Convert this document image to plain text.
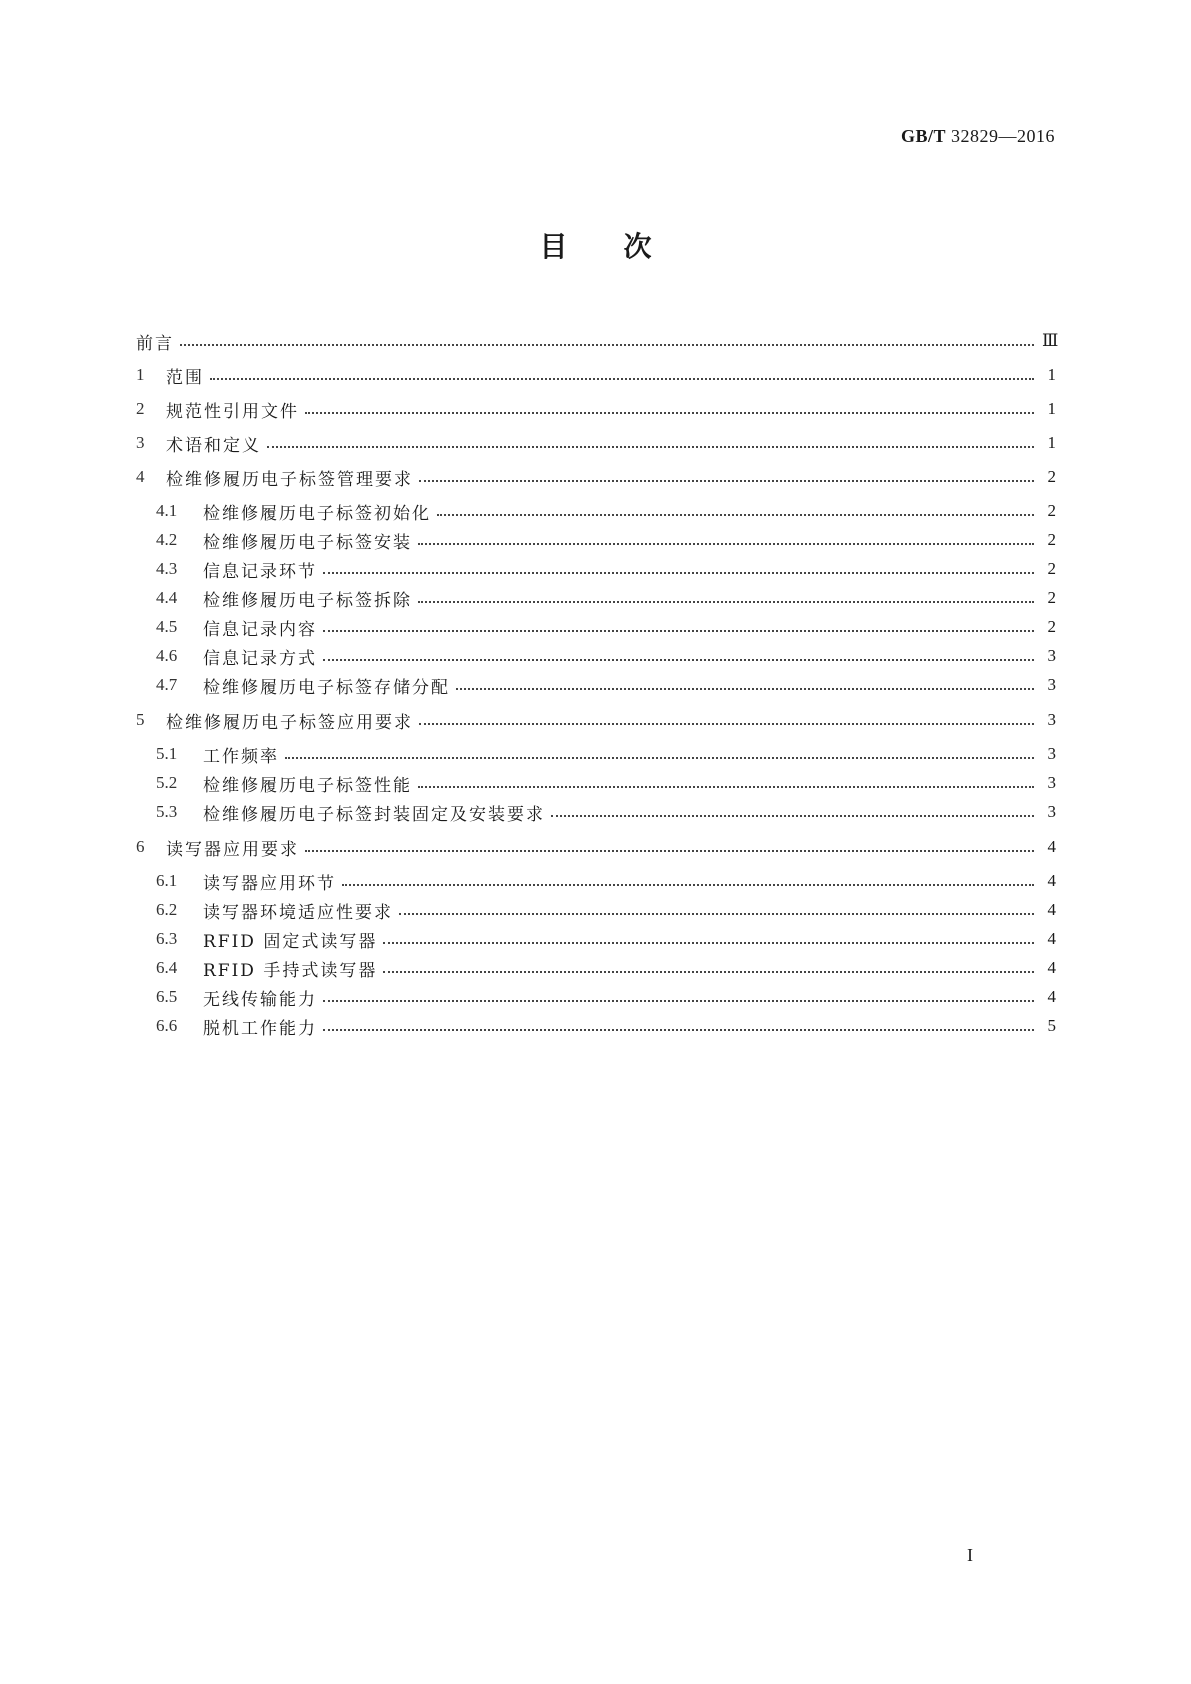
GB/T 32829—2016
目次
前言	Ⅲ
1	范围	1
2	规范性引用文件	1
3	术语和定义	1
4	检维修履历电子标签管理要求	2
4.1	检维修履历电子标签初始化	2
4.2	检维修履历电子标签安装	2
4.3	信息记录环节	2
4.4	检维修履历电子标签拆除	2
4.5	信息记录内容	2
4.6	信息记录方式	3
4.7	检维修履历电子标签存储分配	3
5	检维修履历电子标签应用要求	3
5.1	工作频率	3
5.2	检维修履历电子标签性能	3
5.3	检维修履历电子标签封装固定及安装要求	3
6	读写器应用要求	4
6.1	读写器应用环节	4
6.2	读写器环境适应性要求	4
6.3	RFID 固定式读写器	4
6.4	RFID 手持式读写器	4
6.5	无线传输能力	4
6.6	脱机工作能力	5
I
